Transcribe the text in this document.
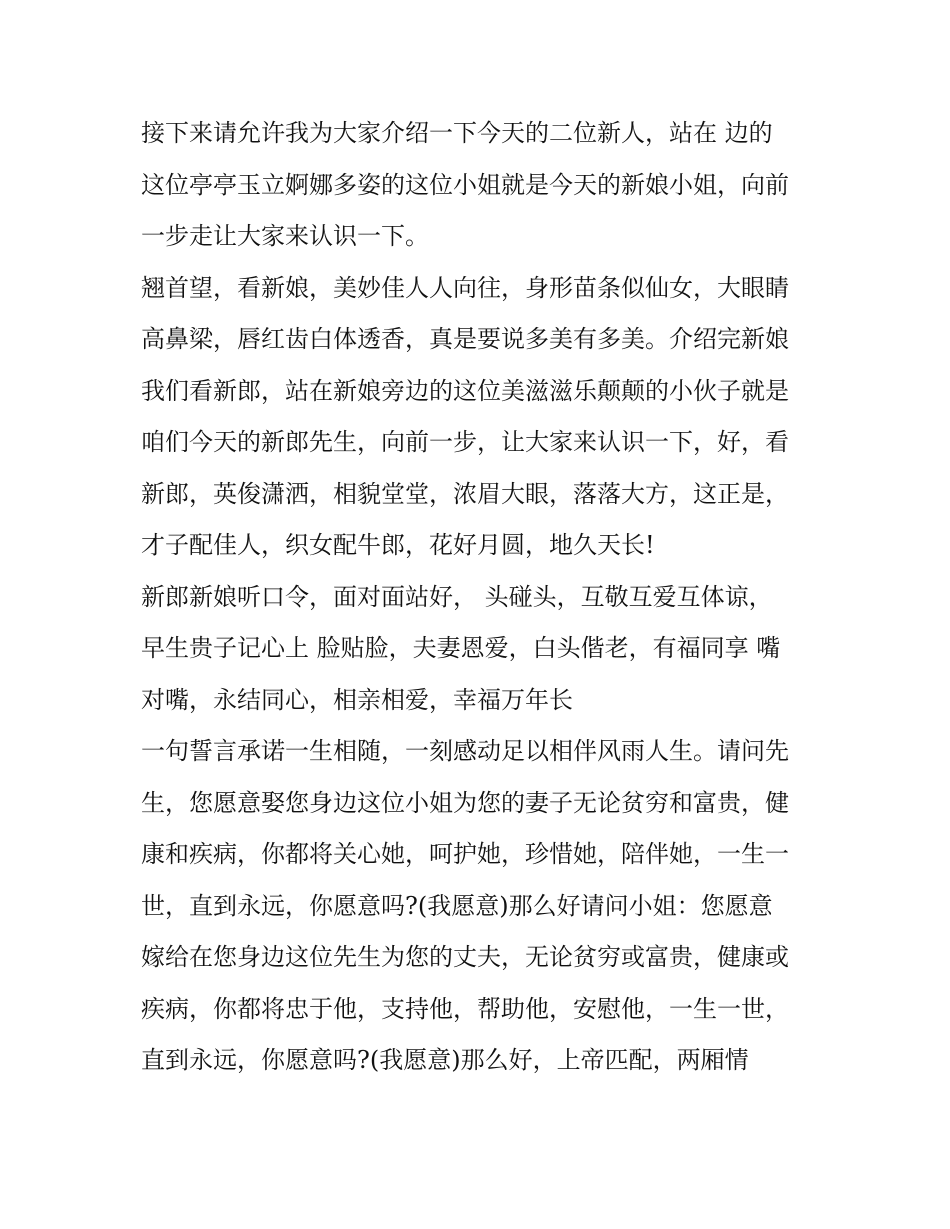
接下来请允许我为大家介绍一下今天的二位新人，站在 边的
这位亭亭玉立婀娜多姿的这位小姐就是今天的新娘小姐，向前
一步走让大家来认识一下。
翘首望，看新娘，美妙佳人人向往，身形苗条似仙女，大眼睛
高鼻梁，唇红齿白体透香，真是要说多美有多美。介绍完新娘
我们看新郎，站在新娘旁边的这位美滋滋乐颠颠的小伙子就是
咱们今天的新郎先生，向前一步，让大家来认识一下，好，看
新郎，英俊潇洒，相貌堂堂，浓眉大眼，落落大方，这正是，
才子配佳人，织女配牛郎，花好月圆，地久天长!
新郎新娘听口令，面对面站好， 头碰头，互敬互爱互体谅，
早生贵子记心上 脸贴脸，夫妻恩爱，白头偕老，有福同享 嘴
对嘴，永结同心，相亲相爱，幸福万年长
一句誓言承诺一生相随，一刻感动足以相伴风雨人生。请问先
生，您愿意娶您身边这位小姐为您的妻子无论贫穷和富贵，健
康和疾病，你都将关心她，呵护她，珍惜她，陪伴她，一生一
世，直到永远，你愿意吗?(我愿意)那么好请问小姐：您愿意
嫁给在您身边这位先生为您的丈夫，无论贫穷或富贵，健康或
疾病，你都将忠于他，支持他，帮助他，安慰他，一生一世，
直到永远，你愿意吗?(我愿意)那么好，上帝匹配，两厢情
